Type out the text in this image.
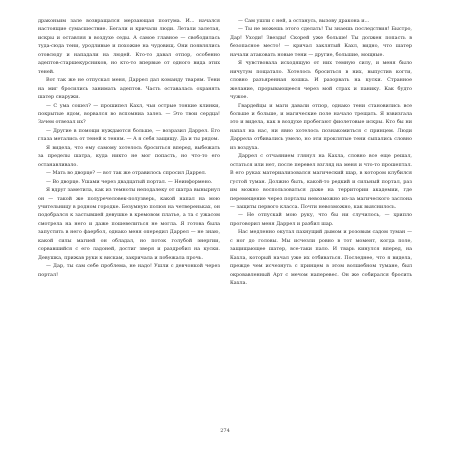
драконьим зале возвращался мерзающая поэтума. И... начался настоящие сумасшествие. Бегали и кричали люди. Летали залетая, искры и оставляя в воздухе седы. А самое главное — свободилась туда-сюда тени, уродливые и похожие на чудовищ. Они появлялись отовсюду и нападали на людей. Кто-то давал отпор, особенно адептов-старшекурсников, но кто-то впервые от одного вида этих теней.

Вот так же не отпускал меня, Даррел дал команду тварям. Тени на миг бросились занимать адептов. Часть оставалась охранять шатер снаружи.

— С ума сошел? — прошипел Кахл, чьи острые тонкие клинки, покрытые ядом, ворвался во вспомниа залез. — Это твои сердца! Зачем отвезал их?

— Другие в помощи нуждаются больше, — возразил Даррел. Его глаза метались от теней к теням. — А я себя защищу. Да и ты рядом.

Я видела, что ему самому хотелось броситься вперед, выбежать за пределы шатра, куда никто не мог попасть, но что-то его останавливало.

— Мать во дворце? — вот так же отравилось спросил Даррел.

— Во дворце. Ушами через двадцатый портал. — Неинформено.

Я вдруг заметила, как из темноты неподалеку от шатра вынырнул он — такой же полуречеловек-полузверь, какой напал на мою учительницу в родном городке. Безумную полюя на четвереньках, он подобрался к застывшей девушке в кремовом платье, а та с ужасом смотрела на него и даже пошевелиться не могла. Я готова была запустить в него фаербол, однако меня опередил Даррел — не знаю, какой силы магией он обладал, но поток голубой энергии, сорвавшийся с его ладоней, достиг зверя и раздробил на куски. Девушка, прижав руки к вискам, закричала и побежала прочь.

— Дар, ты сам себе проблема, не надо! Ушли с девчонкой через портал!

— Сам ушли с ней, а останусь, вызову дракона и...

— Ты не можешь этого сделать! Ты знаешь последствия! Быстро, Дар! Уходи! Звезды! Скорей уже больше! Ты должен попасть в безопасное место! — кричал заклятый Кахл, видно, что шатер начали атаковать новые тени — другие, большие, мощные.

Я чувствовала исходящую от них темную силу, и меня было ничутум пощатало. Хотелось броситься в них, выпустив когти, словно разъяренная кошка. И разорвать на куски. Странное желание, прорывающееся через мой страх и панику. Как будто чужое.

Гвардейцы и маги давали отпор, однако тени становились все больше и больше, и магические поле начало трещать. Я взвизгала это и видела, как в воздухе пробегают фиолетовые искры. Кто бы ни напал на нас, ни явно хотелось познакомиться с принцем. Люди Даррела отбивались умело, но эти проклятые тени сыпались словно из воздуха.

Даррел с отчаянием глянул на Кахла, словно все еще решал, остаться или нет, после перевел взгляд на меня и что-то прошептал. В его руках материализовался магический шар, в котором клубился густой туман. Должно быть, какой-то редкий и сильный портал, раз им можно воспользоваться даже на территории академии, где перемещение через порталы невозможно из-за магического заслона — защиты первого класса. Почти невозможно, как выяснилось.

— Не отпускай мою руку, что бы ни случилось, — хрипло проговорил меня Даррел и разбил шар.

Нас медленно окутал пахнущий дымом и розовым садом туман — с ног до головы. Мы исчезли ровно в тот момент, когда поле, защищающее шатер, все-таки пало. И тварь кинулся вперед, на Кахла, который начал уже их отбиваться. Последнее, что я видела, прежде чем исчезнуть с принцем в этом волшебном тумане, был окровавленный Арт с мечом наперевес. Он же собирался бросить Кахла.

274
